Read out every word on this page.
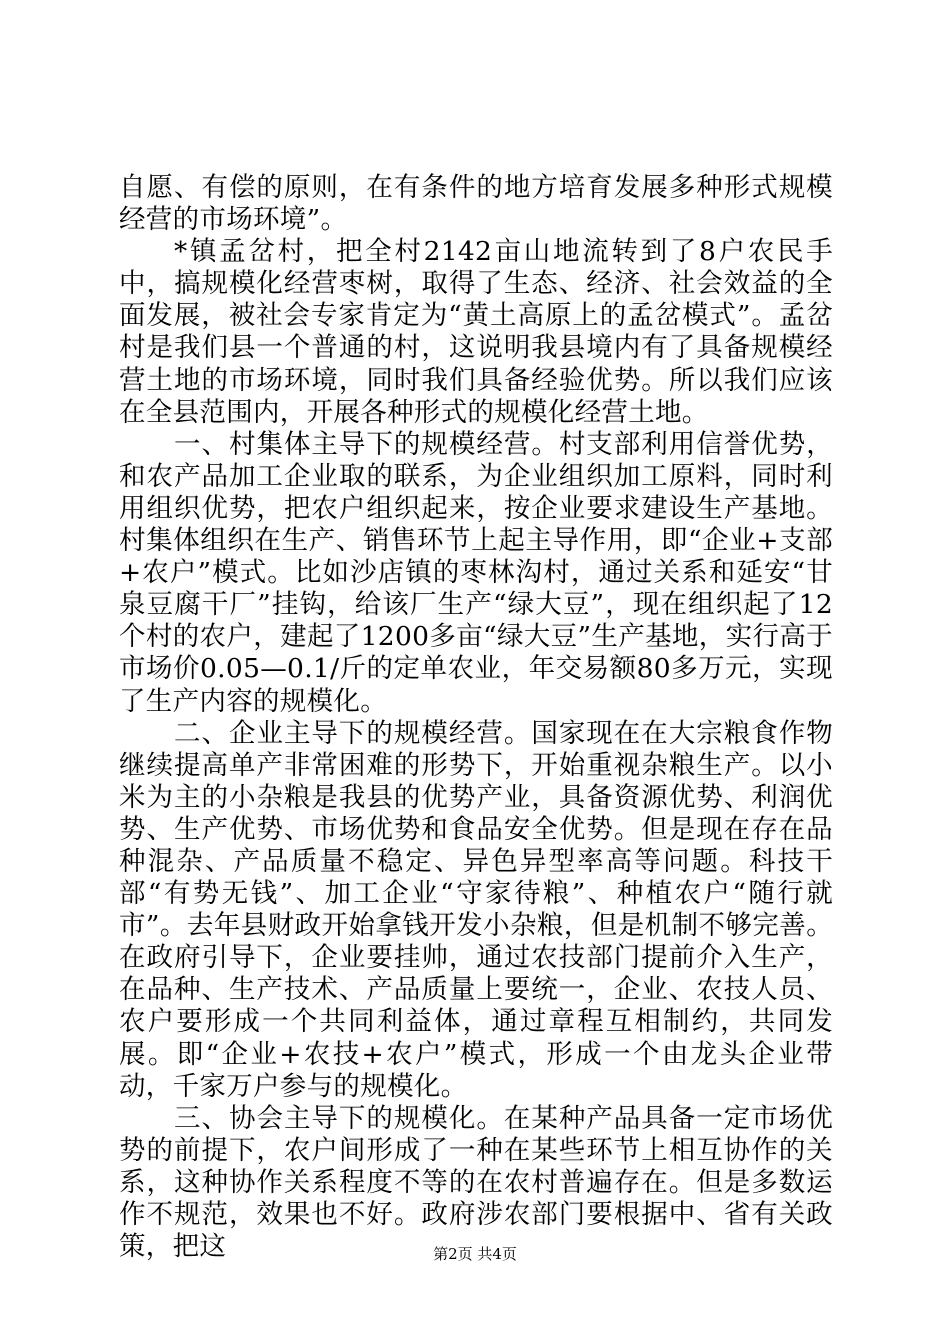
自愿、有偿的原则，在有条件的地方培育发展多种形式规模经营的市场环境”。

*镇孟岔村，把全村2142亩山地流转到了8户农民手中，搞规模化经营枣树，取得了生态、经济、社会效益的全面发展，被社会专家肯定为“黄土高原上的孟岔模式”。孟岔村是我们县一个普通的村，这说明我县境内有了具备规模经营土地的市场环境，同时我们具备经验优势。所以我们应该在全县范围内，开展各种形式的规模化经营土地。

一、村集体主导下的规模经营。村支部利用信誉优势，和农产品加工企业取的联系，为企业组织加工原料，同时利用组织优势，把农户组织起来，按企业要求建设生产基地。村集体组织在生产、销售环节上起主导作用，即“企业+支部+农户”模式。比如沙店镇的枣林沟村，通过关系和延安“甘泉豆腐干厂”挂钩，给该厂生产“绿大豆”，现在组织起了12个村的农户，建起了1200多亩“绿大豆”生产基地，实行高于市场价0.05—0.1/斤的定单农业，年交易额80多万元，实现了生产内容的规模化。

二、企业主导下的规模经营。国家现在在大宗粮食作物继续提高单产非常困难的形势下，开始重视杂粮生产。以小米为主的小杂粮是我县的优势产业，具备资源优势、利润优势、生产优势、市场优势和食品安全优势。但是现在存在品种混杂、产品质量不稳定、异色异型率高等问题。科技干部“有势无钱”、加工企业“守家待粮”、种植农户“随行就市”。去年县财政开始拿钱开发小杂粮，但是机制不够完善。在政府引导下，企业要挂帅，通过农技部门提前介入生产，在品种、生产技术、产品质量上要统一，企业、农技人员、农户要形成一个共同利益体，通过章程互相制约，共同发展。即“企业+农技+农户”模式，形成一个由龙头企业带动，千家万户参与的规模化。

三、协会主导下的规模化。在某种产品具备一定市场优势的前提下，农户间形成了一种在某些环节上相互协作的关系，这种协作关系程度不等的在农村普遍存在。但是多数运作不规范，效果也不好。政府涉农部门要根据中、省有关政策，把这	第2页 共4页
